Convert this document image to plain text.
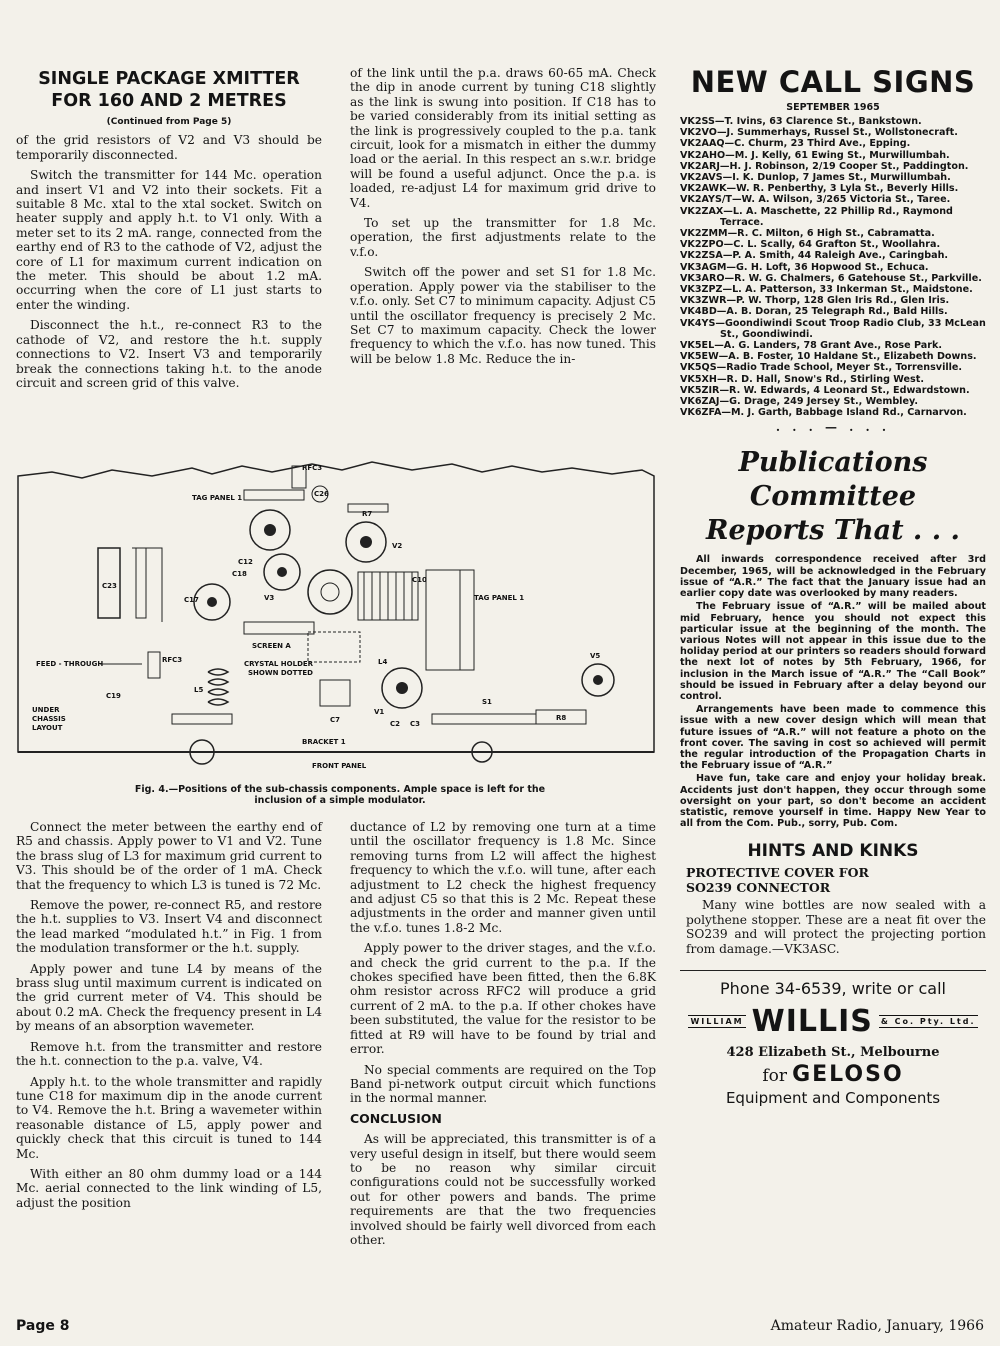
SINGLE PACKAGE XMITTER
FOR 160 AND 2 METRES
(Continued from Page 5)

of the grid resistors of V2 and V3 should be temporarily disconnected.

Switch the transmitter for 144 Mc. operation and insert V1 and V2 into their sockets. Fit a suitable 8 Mc. xtal to the xtal socket. Switch on heater supply and apply h.t. to V1 only. With a meter set to its 2 mA. range, connected from the earthy end of R3 to the cathode of V2, adjust the core of L1 for maximum current indication on the meter. This should be about 1.2 mA. occurring when the core of L1 just starts to enter the winding.

Disconnect the h.t., re-connect R3 to the cathode of V2, and restore the h.t. supply connections to V2. Insert V3 and temporarily break the connections taking h.t. to the anode circuit and screen grid of this valve.

of the link until the p.a. draws 60-65 mA. Check the dip in anode current by tuning C18 slightly as the link is swung into position. If C18 has to be varied considerably from its initial setting as the link is progressively coupled to the p.a. tank circuit, look for a mismatch in either the dummy load or the aerial. In this respect an s.w.r. bridge will be found a useful adjunct. Once the p.a. is loaded, re-adjust L4 for maximum grid drive to V4.

To set up the transmitter for 1.8 Mc. operation, the first adjustments relate to the v.f.o.

Switch off the power and set S1 for 1.8 Mc. operation. Apply power via the stabiliser to the v.f.o. only. Set C7 to minimum capacity. Adjust C5 until the oscillator frequency is precisely 2 Mc. Set C7 to maximum capacity. Check the lower frequency to which the v.f.o. has now tuned. This will be below 1.8 Mc. Reduce the in-

FRONT PANEL
TAG PANEL 1
RFC3
C26
V2
V3
C12
R7
TAG PANEL 1
C10
C23
RFC3
L5
C17
C18
SCREEN A
CRYSTAL HOLDER
SHOWN DOTTED
C7
BRACKET 1
V1
C2 C3
L4
V5
R8
S1
FEED - THROUGH
C19
UNDER
CHASSIS
LAYOUT
Fig. 4.—Positions of the sub-chassis components. Ample space is left for the
inclusion of a simple modulator.

Connect the meter between the earthy end of R5 and chassis. Apply power to V1 and V2. Tune the brass slug of L3 for maximum grid current to V3. This should be of the order of 1 mA. Check that the frequency to which L3 is tuned is 72 Mc.

Remove the power, re-connect R5, and restore the h.t. supplies to V3. Insert V4 and disconnect the lead marked “modulated h.t.” in Fig. 1 from the modulation transformer or the h.t. supply.

Apply power and tune L4 by means of the brass slug until maximum current is indicated on the grid current meter of V4. This should be about 0.2 mA. Check the frequency present in L4 by means of an absorption wavemeter.

Remove h.t. from the transmitter and restore the h.t. connection to the p.a. valve, V4.

Apply h.t. to the whole transmitter and rapidly tune C18 for maximum dip in the anode current to V4. Remove the h.t. Bring a wavemeter within reasonable distance of L5, apply power and quickly check that this circuit is tuned to 144 Mc.

With either an 80 ohm dummy load or a 144 Mc. aerial connected to the link winding of L5, adjust the position

ductance of L2 by removing one turn at a time until the oscillator frequency is 1.8 Mc. Since removing turns from L2 will affect the highest frequency to which the v.f.o. will tune, after each adjustment to L2 check the highest frequency and adjust C5 so that this is 2 Mc. Repeat these adjustments in the order and manner given until the v.f.o. tunes 1.8-2 Mc.

Apply power to the driver stages, and the v.f.o. and check the grid current to the p.a. If the chokes specified have been fitted, then the 6.8K ohm resistor across RFC2 will produce a grid current of 2 mA. to the p.a. If other chokes have been substituted, the value for the resistor to be fitted at R9 will have to be found by trial and error.

No special comments are required on the Top Band pi-network output circuit which functions in the normal manner.

CONCLUSION

As will be appreciated, this transmitter is of a very useful design in itself, but there would seem to be no reason why similar circuit configurations could not be successfully worked out for other powers and bands. The prime requirements are that the two frequencies involved should be fairly well divorced from each other.

NEW CALL SIGNS
SEPTEMBER 1965
VK2SS—T. Ivins, 63 Clarence St., Bankstown.
VK2VO—J. Summerhays, Russel St., Wollstonecraft.
VK2AAQ—C. Churm, 23 Third Ave., Epping.
VK2AHO—M. J. Kelly, 61 Ewing St., Murwillumbah.
VK2ARJ—H. J. Robinson, 2/19 Cooper St., Paddington.
VK2AVS—I. K. Dunlop, 7 James St., Murwillumbah.
VK2AWK—W. R. Penberthy, 3 Lyla St., Beverly Hills.
VK2AYS/T—W. A. Wilson, 3/265 Victoria St., Taree.
VK2ZAX—L. A. Maschette, 22 Phillip Rd., Raymond Terrace.
VK2ZMM—R. C. Milton, 6 High St., Cabramatta.
VK2ZPO—C. L. Scally, 64 Grafton St., Woollahra.
VK2ZSA—P. A. Smith, 44 Raleigh Ave., Caringbah.
VK3AGM—G. H. Loft, 36 Hopwood St., Echuca.
VK3ARO—R. W. G. Chalmers, 6 Gatehouse St., Parkville.
VK3ZPZ—L. A. Patterson, 33 Inkerman St., Maidstone.
VK3ZWR—P. W. Thorp, 128 Glen Iris Rd., Glen Iris.
VK4BD—A. B. Doran, 25 Telegraph Rd., Bald Hills.
VK4YS—Goondiwindi Scout Troop Radio Club, 33 McLean St., Goondiwindi.
VK5EL—A. G. Landers, 78 Grant Ave., Rose Park.
VK5EW—A. B. Foster, 10 Haldane St., Elizabeth Downs.
VK5QS—Radio Trade School, Meyer St., Torrensville.
VK5XH—R. D. Hall, Snow's Rd., Stirling West.
VK5ZIR—R. W. Edwards, 4 Leonard St., Edwardstown.
VK6ZAJ—G. Drage, 249 Jersey St., Wembley.
VK6ZFA—M. J. Garth, Babbage Island Rd., Carnarvon.
. . . — . . .
Publications Committee
Reports That . . .

All inwards correspondence received after 3rd December, 1965, will be acknowledged in the February issue of “A.R.” The fact that the January issue had an earlier copy date was overlooked by many readers.

The February issue of “A.R.” will be mailed about mid February, hence you should not expect this particular issue at the beginning of the month. The various Notes will not appear in this issue due to the holiday period at our printers so readers should forward the next lot of notes by 5th February, 1966, for inclusion in the March issue of “A.R.” The “Call Book” should be issued in February after a delay beyond our control.

Arrangements have been made to commence this issue with a new cover design which will mean that future issues of “A.R.” will not feature a photo on the front cover. The saving in cost so achieved will permit the regular introduction of the Propagation Charts in the February issue of “A.R.”

Have fun, take care and enjoy your holiday break. Accidents just don't happen, they occur through some oversight on your part, so don't become an accident statistic, remove yourself in time. Happy New Year to all from the Com. Pub., sorry, Pub. Com.

HINTS AND KINKS
PROTECTIVE COVER FOR
SO239 CONNECTOR

Many wine bottles are now sealed with a polythene stopper. These are a neat fit over the SO239 and will protect the projecting portion from damage.—VK3ASC.

Phone 34-6539, write or call
WILLIAM WILLIS & Co. Pty. Ltd.
428 Elizabeth St., Melbourne
for GELOSO
Equipment and Components
Page 8	Amateur Radio, January, 1966
